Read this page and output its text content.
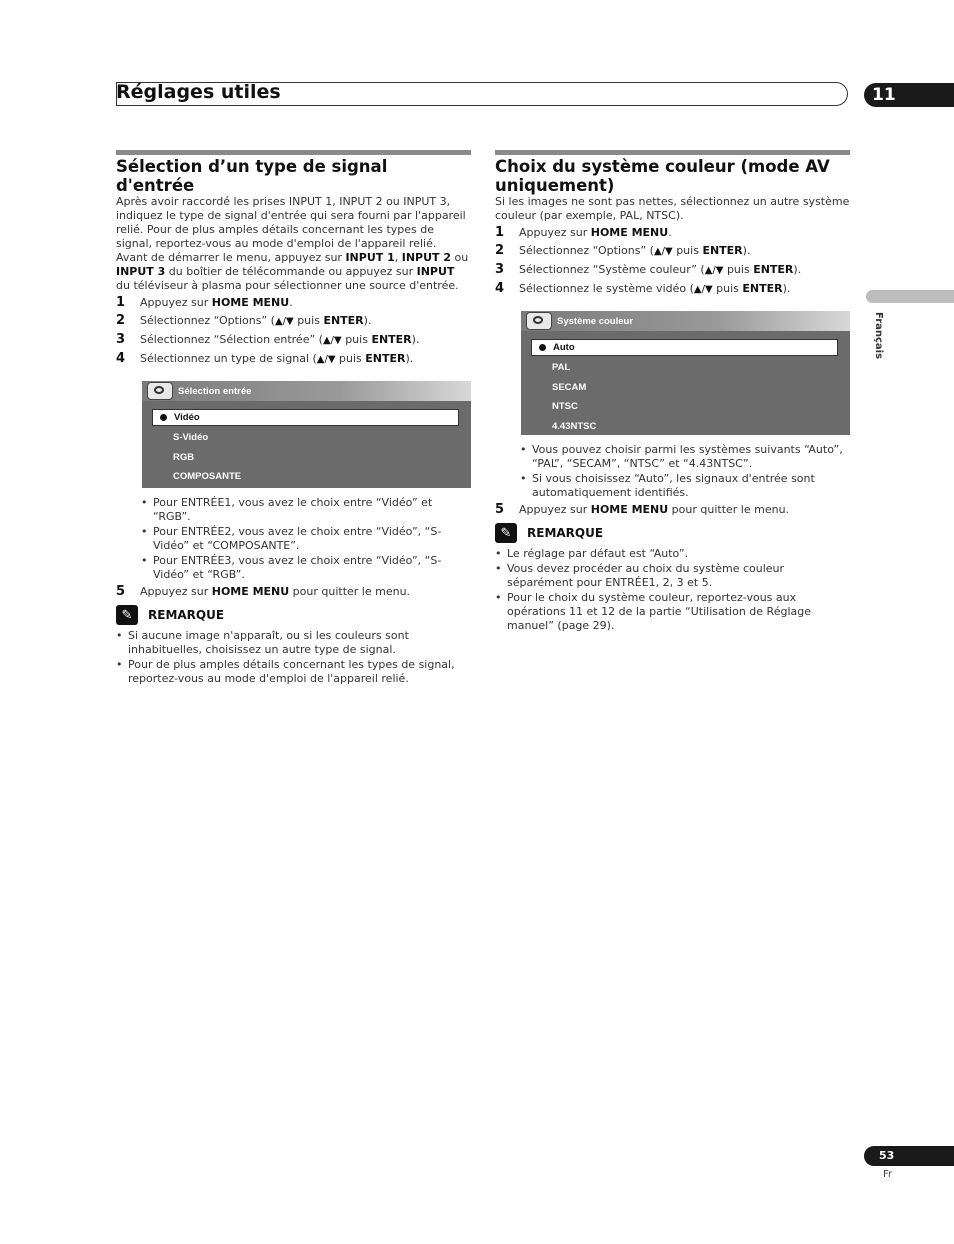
Réglages utiles	11
Français
Sélection d’un type de signal d'entrée

Après avoir raccordé les prises INPUT 1, INPUT 2 ou INPUT 3, indiquez le type de signal d'entrée qui sera fourni par l'appareil relié. Pour de plus amples détails concernant les types de signal, reportez-vous au mode d'emploi de l'appareil relié.

Avant de démarrer le menu, appuyez sur INPUT 1, INPUT 2 ou INPUT 3 du boîtier de télécommande ou appuyez sur INPUT du téléviseur à plasma pour sélectionner une source d'entrée.

1	Appuyez sur HOME MENU.
2	Sélectionnez “Options” (▲/▼ puis ENTER).
3	Sélectionnez “Sélection entrée” (▲/▼ puis ENTER).
4	Sélectionnez un type de signal (▲/▼ puis ENTER).
Sélection entrée
Vidéo
S-Vidéo
RGB
COMPOSANTE
• Pour ENTRÉE1, vous avez le choix entre “Vidéo” et “RGB”.
• Pour ENTRÉE2, vous avez le choix entre “Vidéo”, “S-Vidéo” et “COMPOSANTE”.
• Pour ENTRÉE3, vous avez le choix entre “Vidéo”, “S-Vidéo” et “RGB”.
5	Appuyez sur HOME MENU pour quitter le menu.
✎	REMARQUE
• Si aucune image n'apparaît, ou si les couleurs sont inhabituelles, choisissez un autre type de signal.
• Pour de plus amples détails concernant les types de signal, reportez-vous au mode d'emploi de l'appareil relié.
Choix du système couleur (mode AV uniquement)

Si les images ne sont pas nettes, sélectionnez un autre système couleur (par exemple, PAL, NTSC).

1	Appuyez sur HOME MENU.
2	Sélectionnez “Options” (▲/▼ puis ENTER).
3	Sélectionnez “Système couleur” (▲/▼ puis ENTER).
4	Sélectionnez le système vidéo (▲/▼ puis ENTER).
Système couleur
Auto
PAL
SECAM
NTSC
4.43NTSC
• Vous pouvez choisir parmi les systèmes suivants “Auto”, “PAL”, “SECAM”, “NTSC” et “4.43NTSC”.
• Si vous choisissez “Auto”, les signaux d'entrée sont automatiquement identifiés.
5	Appuyez sur HOME MENU pour quitter le menu.
✎	REMARQUE
• Le réglage par défaut est “Auto”.
• Vous devez procéder au choix du système couleur séparément pour ENTRÉE1, 2, 3 et 5.
• Pour le choix du système couleur, reportez-vous aux opérations 11 et 12 de la partie “Utilisation de Réglage manuel” (page 29).
53
Fr
